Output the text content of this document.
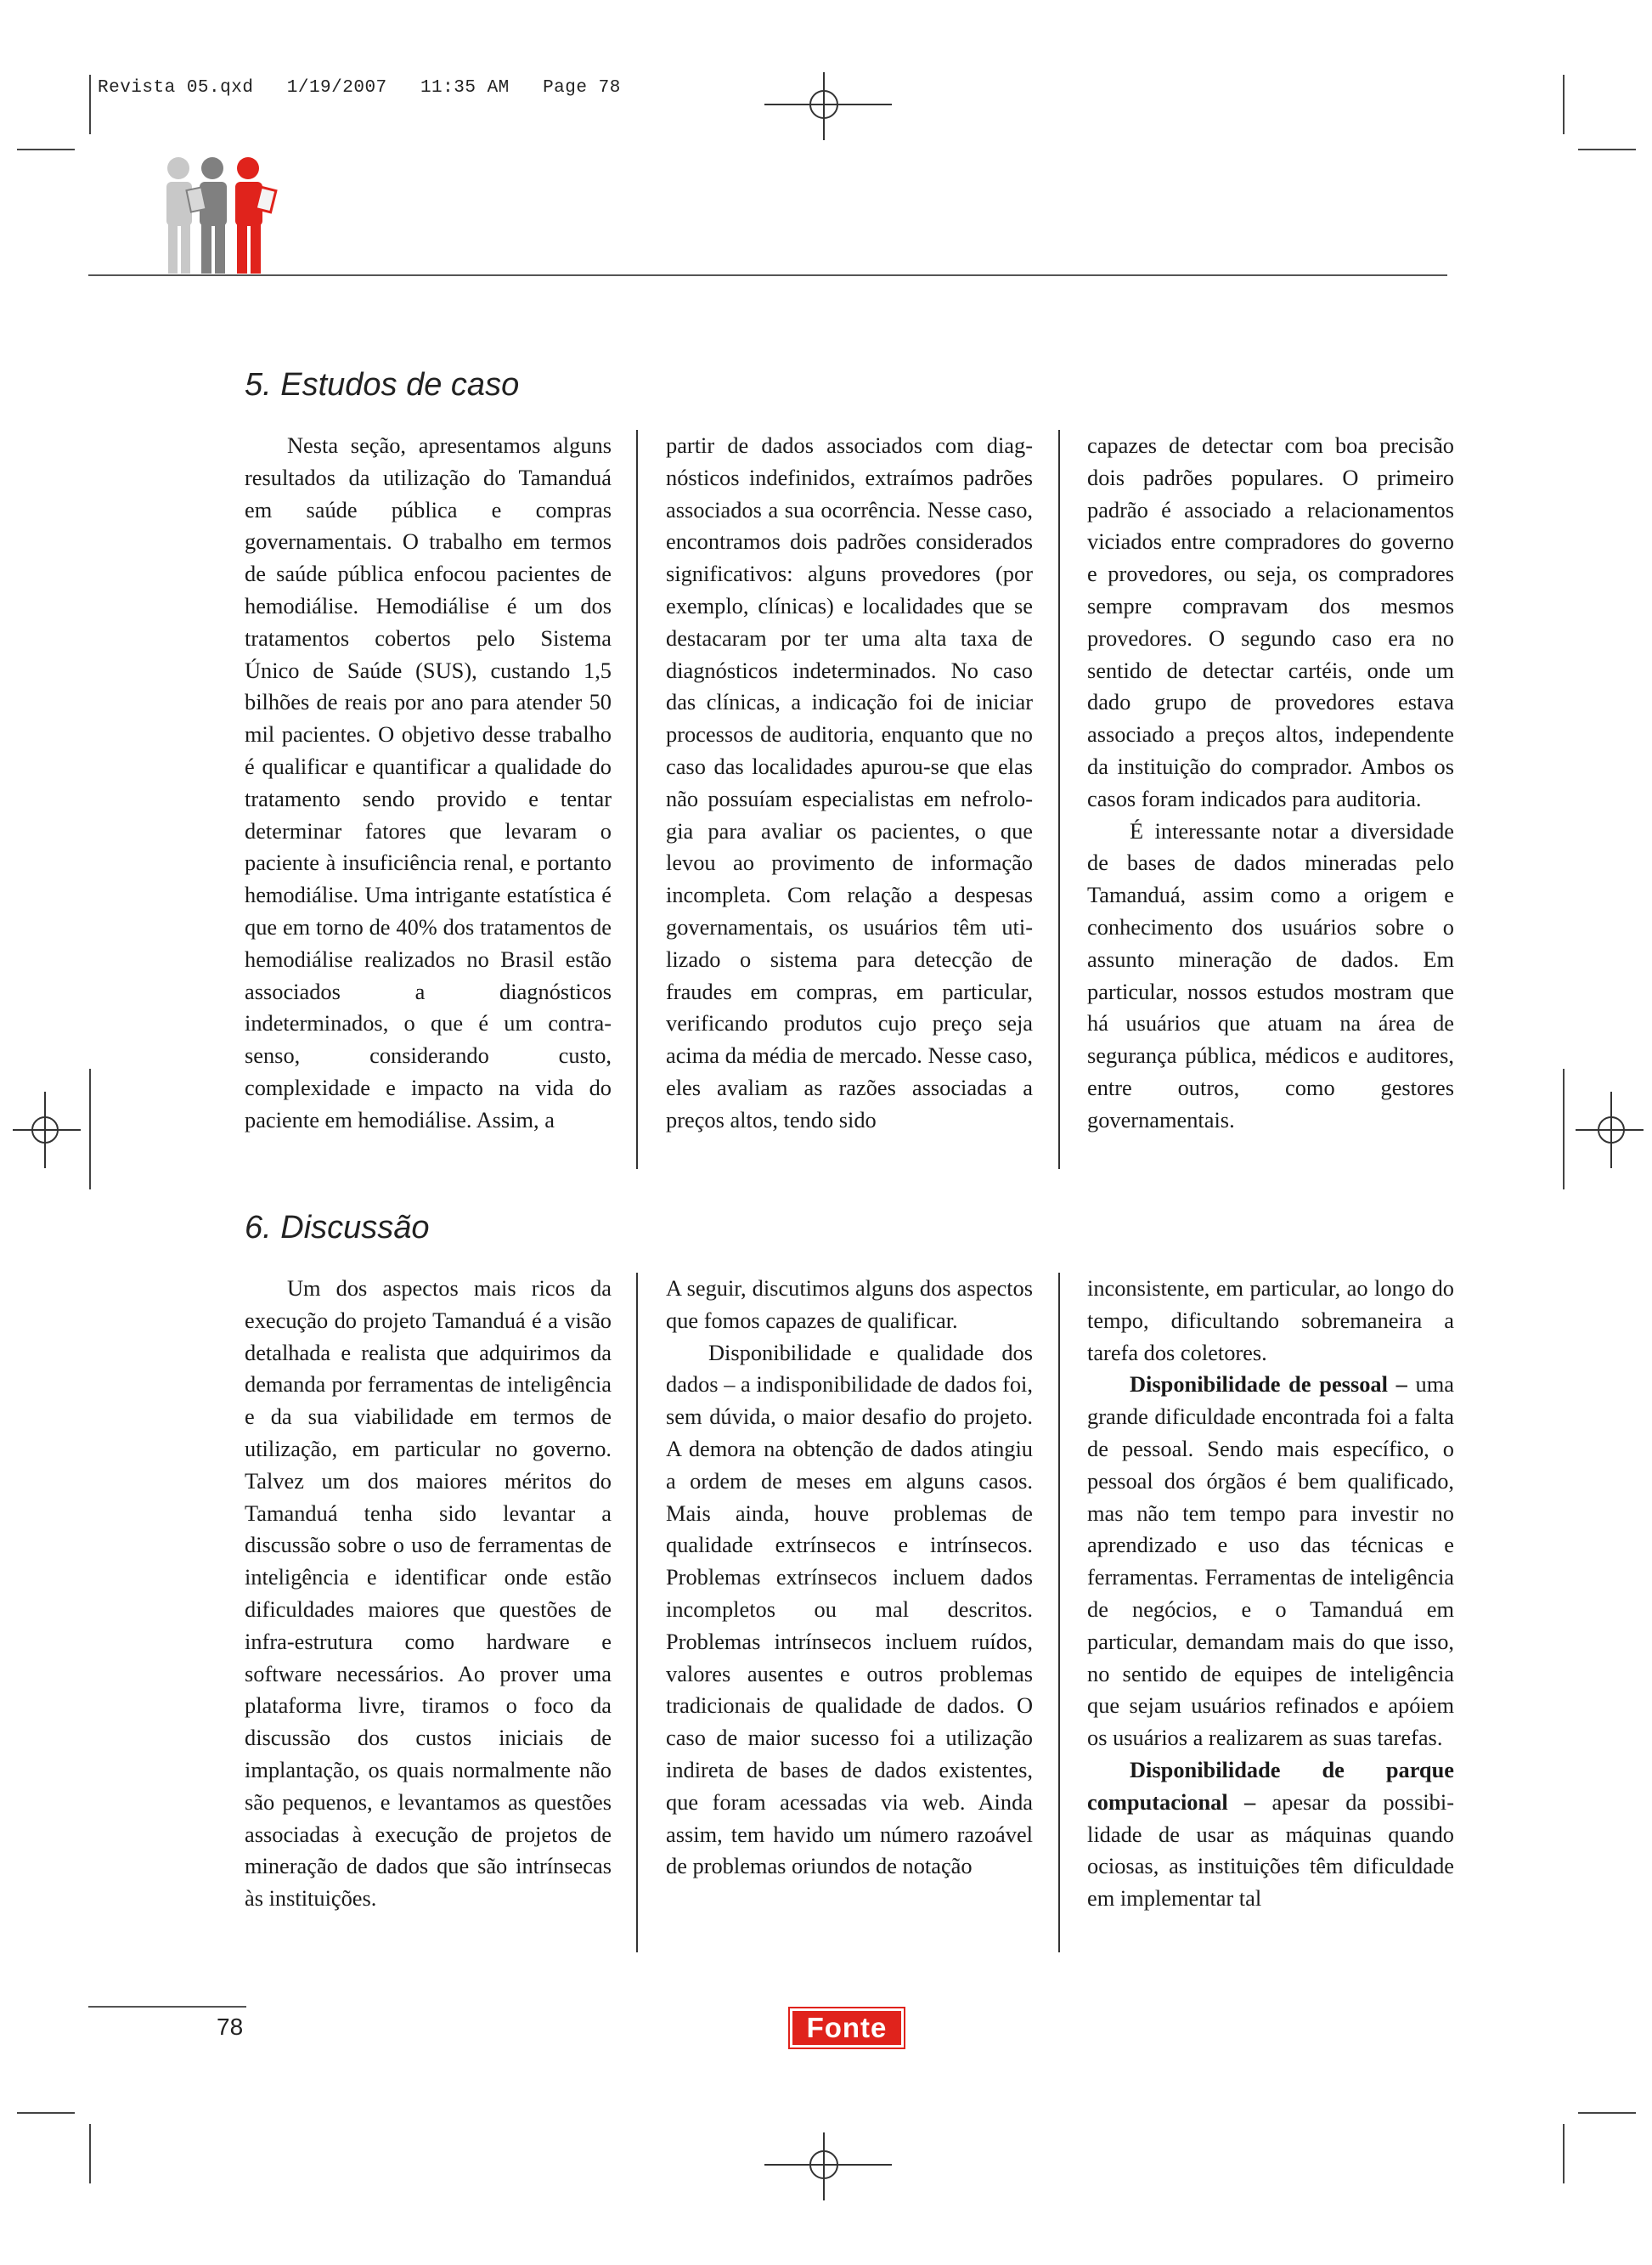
Revista 05.qxd   1/19/2007   11:35 AM   Page 78
5. Estudos de caso

Nesta seção, apresentamos alguns resultados da utilização do Tamanduá em saúde pública e compras governamentais. O trabalho em termos de saúde pública enfocou pacientes de hemodiálise. Hemodiálise é um dos tratamentos cobertos pelo Sistema Único de Saúde (SUS), custando 1,5 bilhões de reais por ano para atender 50 mil pacientes. O objetivo desse trabalho é qualificar e quantificar a qualidade do tratamento sendo provido e tentar determinar fatores que levaram o paciente à insuficiência renal, e portanto hemodiálise. Uma intrigante estatística é que em torno de 40% dos tratamentos de hemodiálise realizados no Brasil estão associados a diagnósticos indeterminados, o que é um contra-senso, considerando custo, complexidade e impacto na vida do paciente em hemodiálise. Assim, a

partir de dados associados com diagnósticos indefinidos, extraímos padrões associados a sua ocorrência. Nesse caso, encontramos dois padrões considerados significativos: alguns provedores (por exemplo, clínicas) e localidades que se destacaram por ter uma alta taxa de diagnósticos indeterminados. No caso das clínicas, a indicação foi de iniciar processos de auditoria, enquanto que no caso das localidades apurou-se que elas não possuíam especialistas em nefrologia para avaliar os pacientes, o que levou ao provimento de informação incompleta. Com relação a despesas governamentais, os usuários têm utilizado o sistema para detecção de fraudes em compras, em particular, verificando produtos cujo preço seja acima da média de mercado. Nesse caso, eles avaliam as razões associadas a preços altos, tendo sido

capazes de detectar com boa precisão dois padrões populares. O primeiro padrão é associado a relacionamentos viciados entre compradores do governo e provedores, ou seja, os compradores sempre compravam dos mesmos provedores. O segundo caso era no sentido de detectar cartéis, onde um dado grupo de provedores estava associado a preços altos, independente da instituição do comprador. Ambos os casos foram indicados para auditoria.

É interessante notar a diversidade de bases de dados mineradas pelo Tamanduá, assim como a origem e conhecimento dos usuários sobre o assunto mineração de dados. Em particular, nossos estudos mostram que há usuários que atuam na área de segurança pública, médicos e auditores, entre outros, como gestores governamentais.

6. Discussão

Um dos aspectos mais ricos da execução do projeto Tamanduá é a visão detalhada e realista que adquirimos da demanda por ferramentas de inteligência e da sua viabilidade em termos de utilização, em particular no governo. Talvez um dos maiores méritos do Tamanduá tenha sido levantar a discussão sobre o uso de ferramentas de inteligência e identificar onde estão dificuldades maiores que questões de infra-estrutura como hardware e software necessários. Ao prover uma plataforma livre, tiramos o foco da discussão dos custos iniciais de implantação, os quais normalmente não são pequenos, e levantamos as questões associadas à execução de projetos de mineração de dados que são intrínsecas às instituições.

A seguir, discutimos alguns dos aspectos que fomos capazes de qualificar.

Disponibilidade e qualidade dos dados – a indisponibilidade de dados foi, sem dúvida, o maior desafio do projeto. A demora na obtenção de dados atingiu a ordem de meses em alguns casos. Mais ainda, houve problemas de qualidade extrínsecos e intrínsecos. Problemas extrínsecos incluem dados incompletos ou mal descritos. Problemas intrínsecos incluem ruídos, valores ausentes e outros problemas tradicionais de qualidade de dados. O caso de maior sucesso foi a utilização indireta de bases de dados existentes, que foram acessadas via web. Ainda assim, tem havido um número razoável de problemas oriundos de notação

inconsistente, em particular, ao longo do tempo, dificultando sobremaneira a tarefa dos coletores.

Disponibilidade de pessoal – uma grande dificuldade encontrada foi a falta de pessoal. Sendo mais específico, o pessoal dos órgãos é bem qualificado, mas não tem tempo para investir no aprendizado e uso das técnicas e ferramentas. Ferramentas de inteligência de negócios, e o Tamanduá em particular, demandam mais do que isso, no sentido de equipes de inteligência que sejam usuários refinados e apóiem os usuários a realizarem as suas tarefas.

Disponibilidade de parque computacional – apesar da possibilidade de usar as máquinas quando ociosas, as instituições têm dificuldade em implementar tal

78	Fonte
